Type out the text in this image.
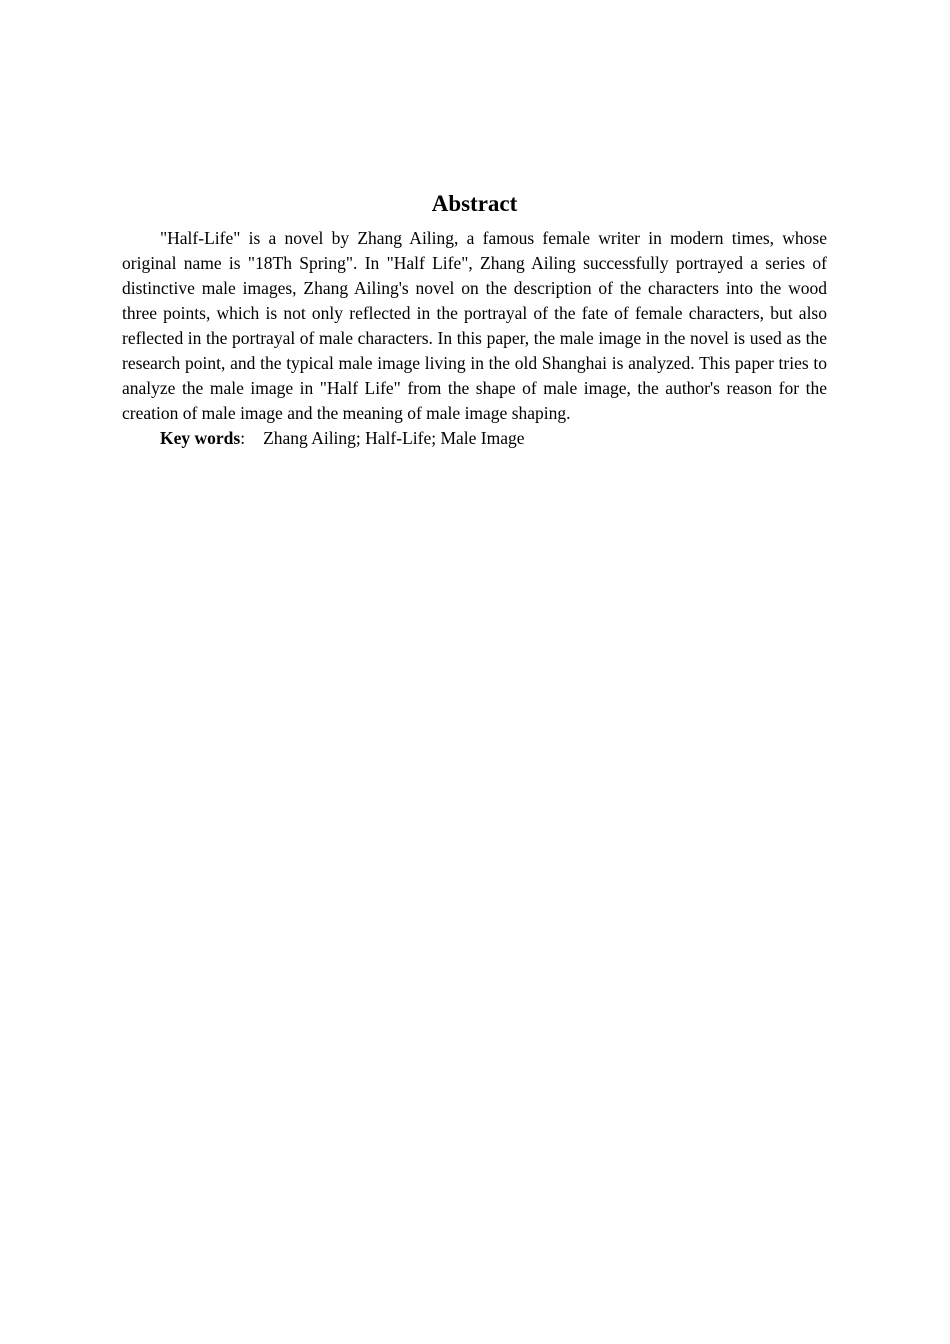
Abstract

"Half-Life" is a novel by Zhang Ailing, a famous female writer in modern times, whose original name is "18Th Spring". In "Half Life", Zhang Ailing successfully portrayed a series of distinctive male images, Zhang Ailing's novel on the description of the characters into the wood three points, which is not only reflected in the portrayal of the fate of female characters, but also reflected in the portrayal of male characters. In this paper, the male image in the novel is used as the research point, and the typical male image living in the old Shanghai is analyzed. This paper tries to analyze the male image in "Half Life" from the shape of male image, the author's reason for the creation of male image and the meaning of male image shaping.

Key words: Zhang Ailing; Half-Life; Male Image
